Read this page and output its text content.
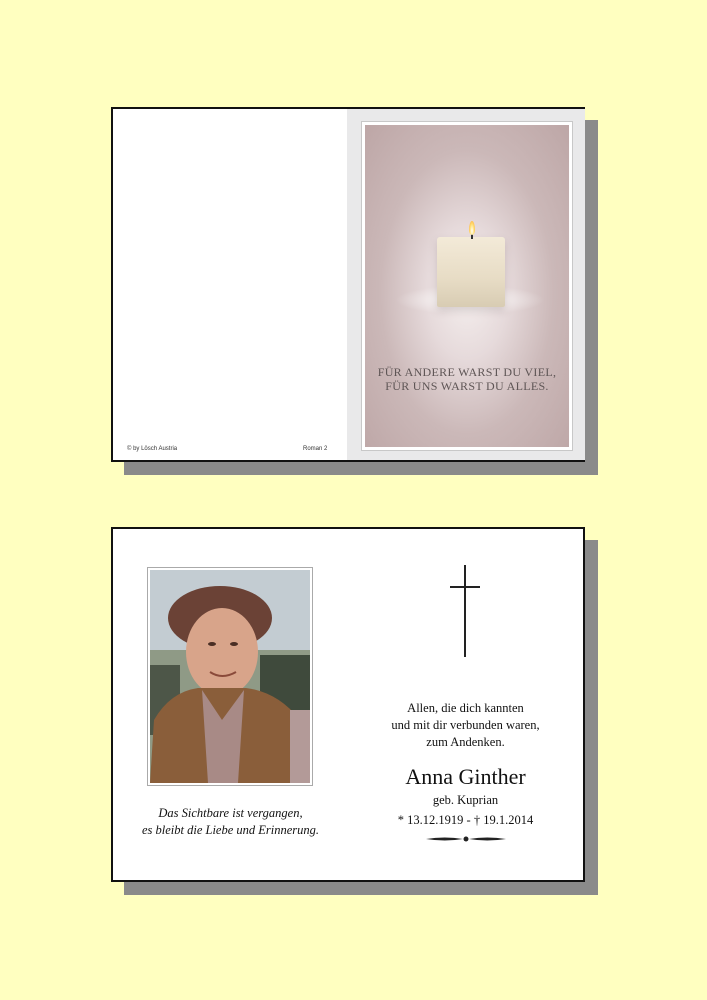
© by Lösch Austria	Roman 2
FÜR ANDERE WARST DU VIEL,
FÜR UNS WARST DU ALLES.
Das Sichtbare ist vergangen,
es bleibt die Liebe und Erinnerung.
Allen, die dich kannten
und mit dir verbunden waren,
zum Andenken.
Anna Ginther
geb. Kuprian
* 13.12.1919 - † 19.1.2014
